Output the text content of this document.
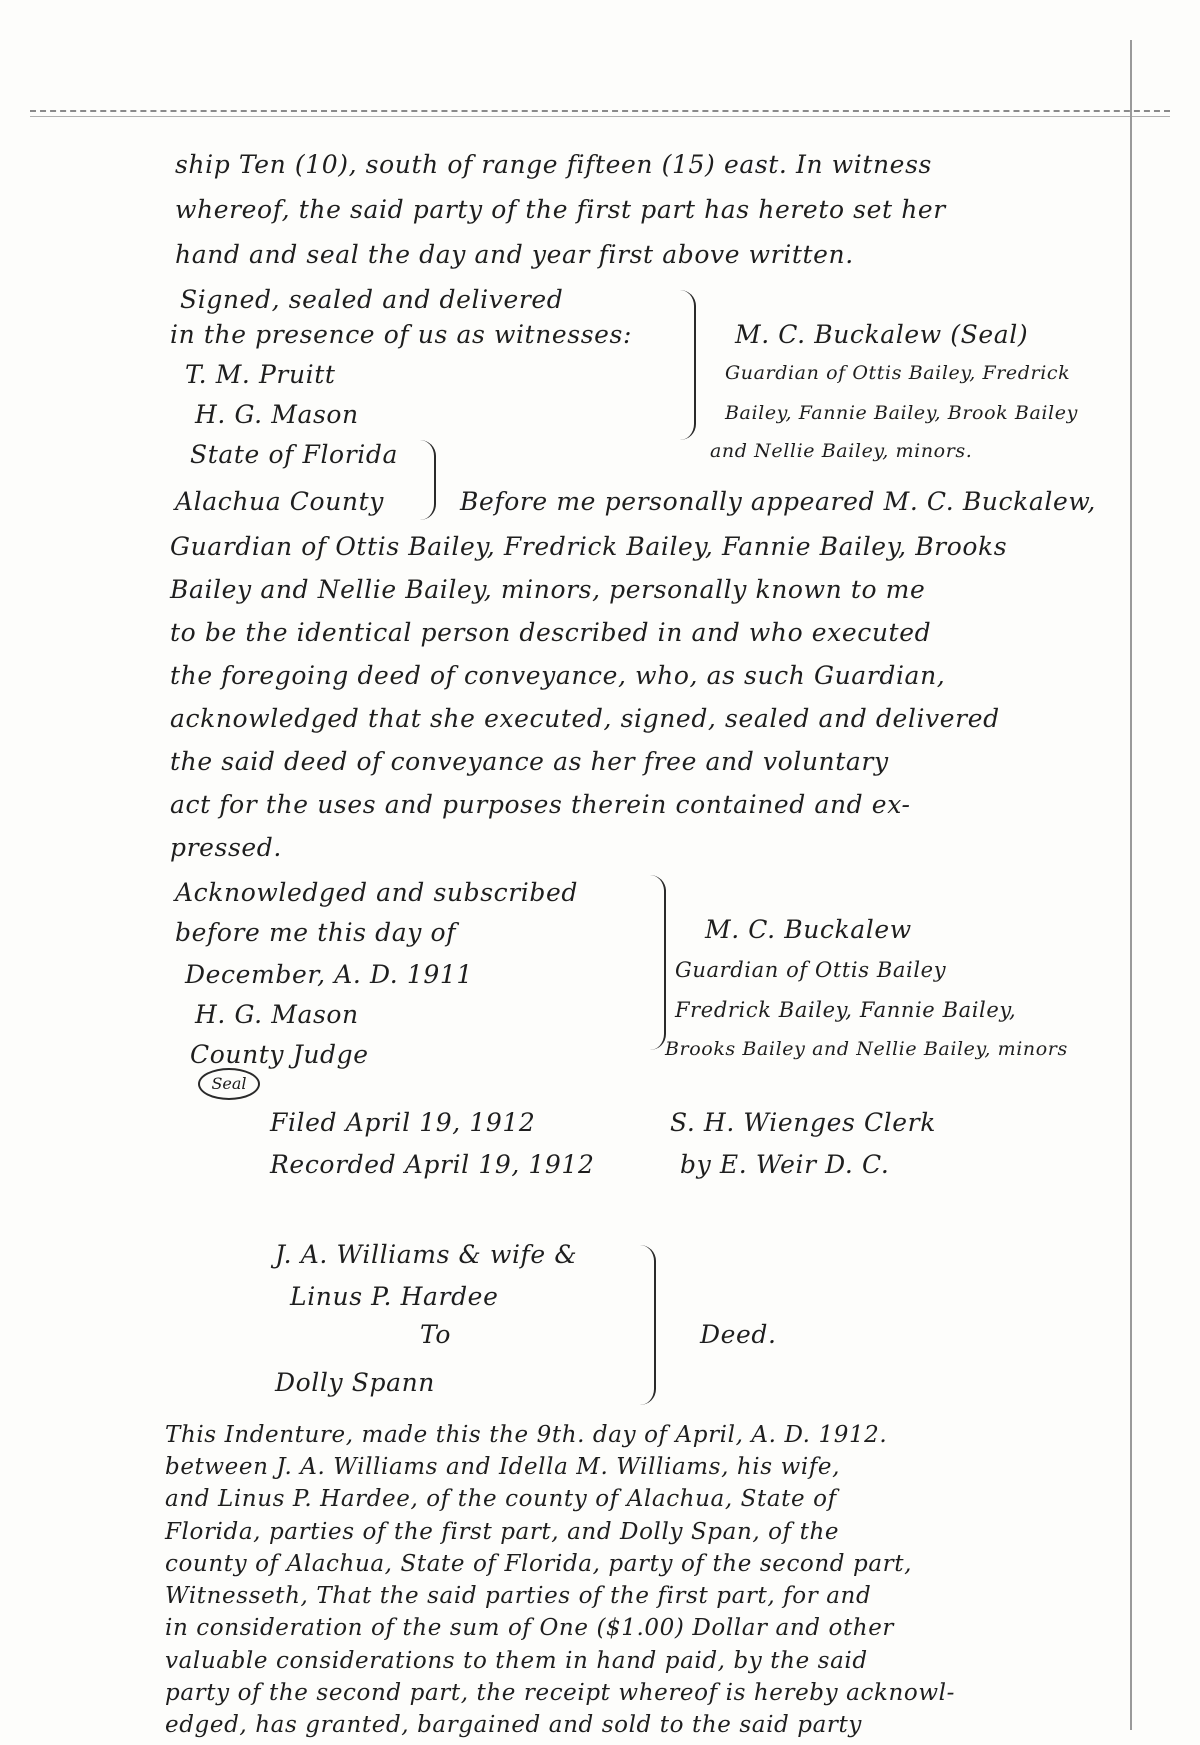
ship Ten (10), south of range fifteen (15) east. In witness
whereof, the said party of the first part has hereto set her
hand and seal the day and year first above written.
Signed, sealed and delivered
in the presence of us as witnesses:
T. M. Pruitt
H. G. Mason
M. C. Buckalew (Seal)
Guardian of Ottis Bailey, Fredrick
Bailey, Fannie Bailey, Brook Bailey
and Nellie Bailey, minors.
State of Florida
Alachua County	Before me personally appeared M. C. Buckalew,
Guardian of Ottis Bailey, Fredrick Bailey, Fannie Bailey, Brooks
Bailey and Nellie Bailey, minors, personally known to me
to be the identical person described in and who executed
the foregoing deed of conveyance, who, as such Guardian,
acknowledged that she executed, signed, sealed and delivered
the said deed of conveyance as her free and voluntary
act for the uses and purposes therein contained and ex-
pressed.
Acknowledged and subscribed
before me this day of
December, A. D. 1911
H. G. Mason
County Judge
Seal
M. C. Buckalew
Guardian of Ottis Bailey
Fredrick Bailey, Fannie Bailey,
Brooks Bailey and Nellie Bailey, minors
Filed April 19, 1912
Recorded April 19, 1912
S. H. Wienges Clerk
by E. Weir D. C.
J. A. Williams & wife &
Linus P. Hardee
To
Dolly Spann
Deed.
This Indenture, made this the 9th. day of April, A. D. 1912.
between J. A. Williams and Idella M. Williams, his wife,
and Linus P. Hardee, of the county of Alachua, State of
Florida, parties of the first part, and Dolly Span, of the
county of Alachua, State of Florida, party of the second part,
Witnesseth, That the said parties of the first part, for and
in consideration of the sum of One ($1.00) Dollar and other
valuable considerations to them in hand paid, by the said
party of the second part, the receipt whereof is hereby acknowl-
edged, has granted, bargained and sold to the said party
